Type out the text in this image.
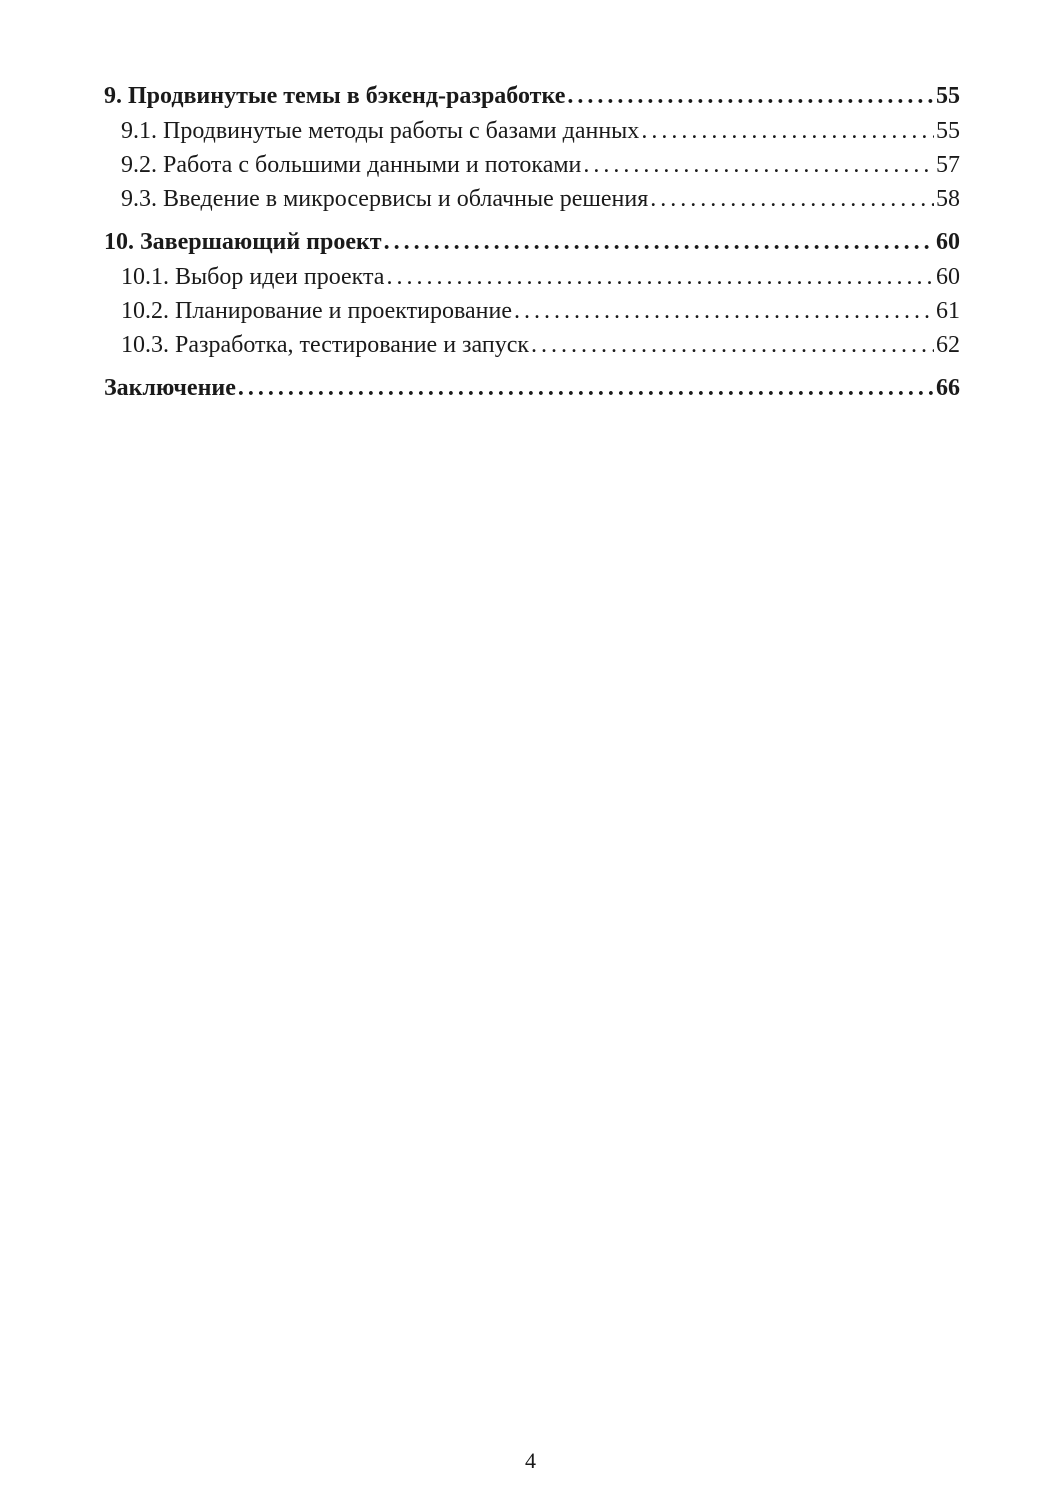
9. Продвинутые темы в бэкенд-разработке . . .	55
9.1. Продвинутые методы работы с базами данных . . .	55
9.2. Работа с большими данными и потоками . . .	57
9.3. Введение в микросервисы и облачные решения . . .	58
10. Завершающий проект . . .	60
10.1. Выбор идеи проекта . . .	60
10.2. Планирование и проектирование . . .	61
10.3. Разработка, тестирование и запуск . . .	62
Заключение . . .	66
4
